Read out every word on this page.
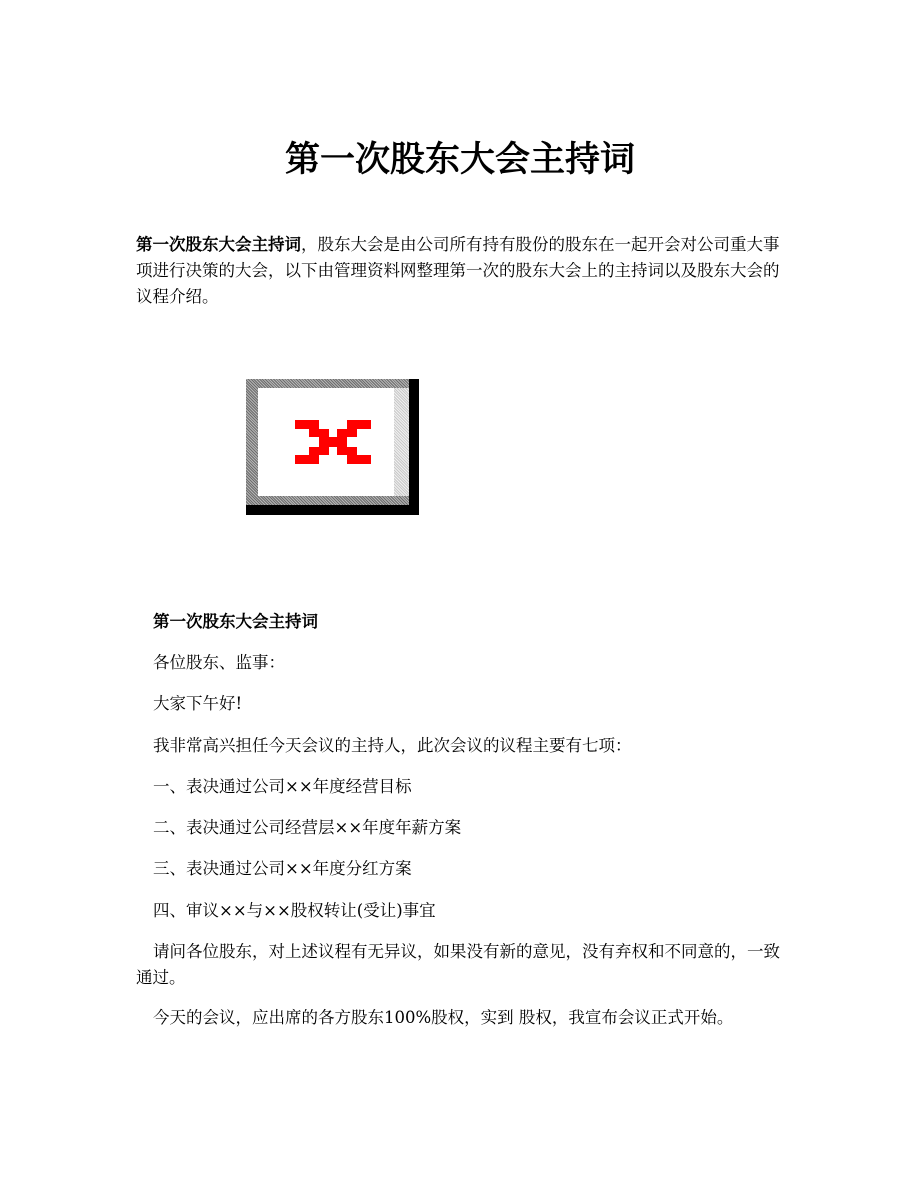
第一次股东大会主持词

第一次股东大会主持词，股东大会是由公司所有持有股份的股东在一起开会对公司重大事项进行决策的大会，以下由管理资料网整理第一次的股东大会上的主持词以及股东大会的议程介绍。

第一次股东大会主持词

各位股东、监事：

大家下午好!

我非常高兴担任今天会议的主持人，此次会议的议程主要有七项：

一、表决通过公司××年度经营目标

二、表决通过公司经营层××年度年薪方案

三、表决通过公司××年度分红方案

四、审议××与××股权转让(受让)事宜

请问各位股东，对上述议程有无异议，如果没有新的意见，没有弃权和不同意的，一致通过。

今天的会议，应出席的各方股东100%股权，实到 股权，我宣布会议正式开始。
